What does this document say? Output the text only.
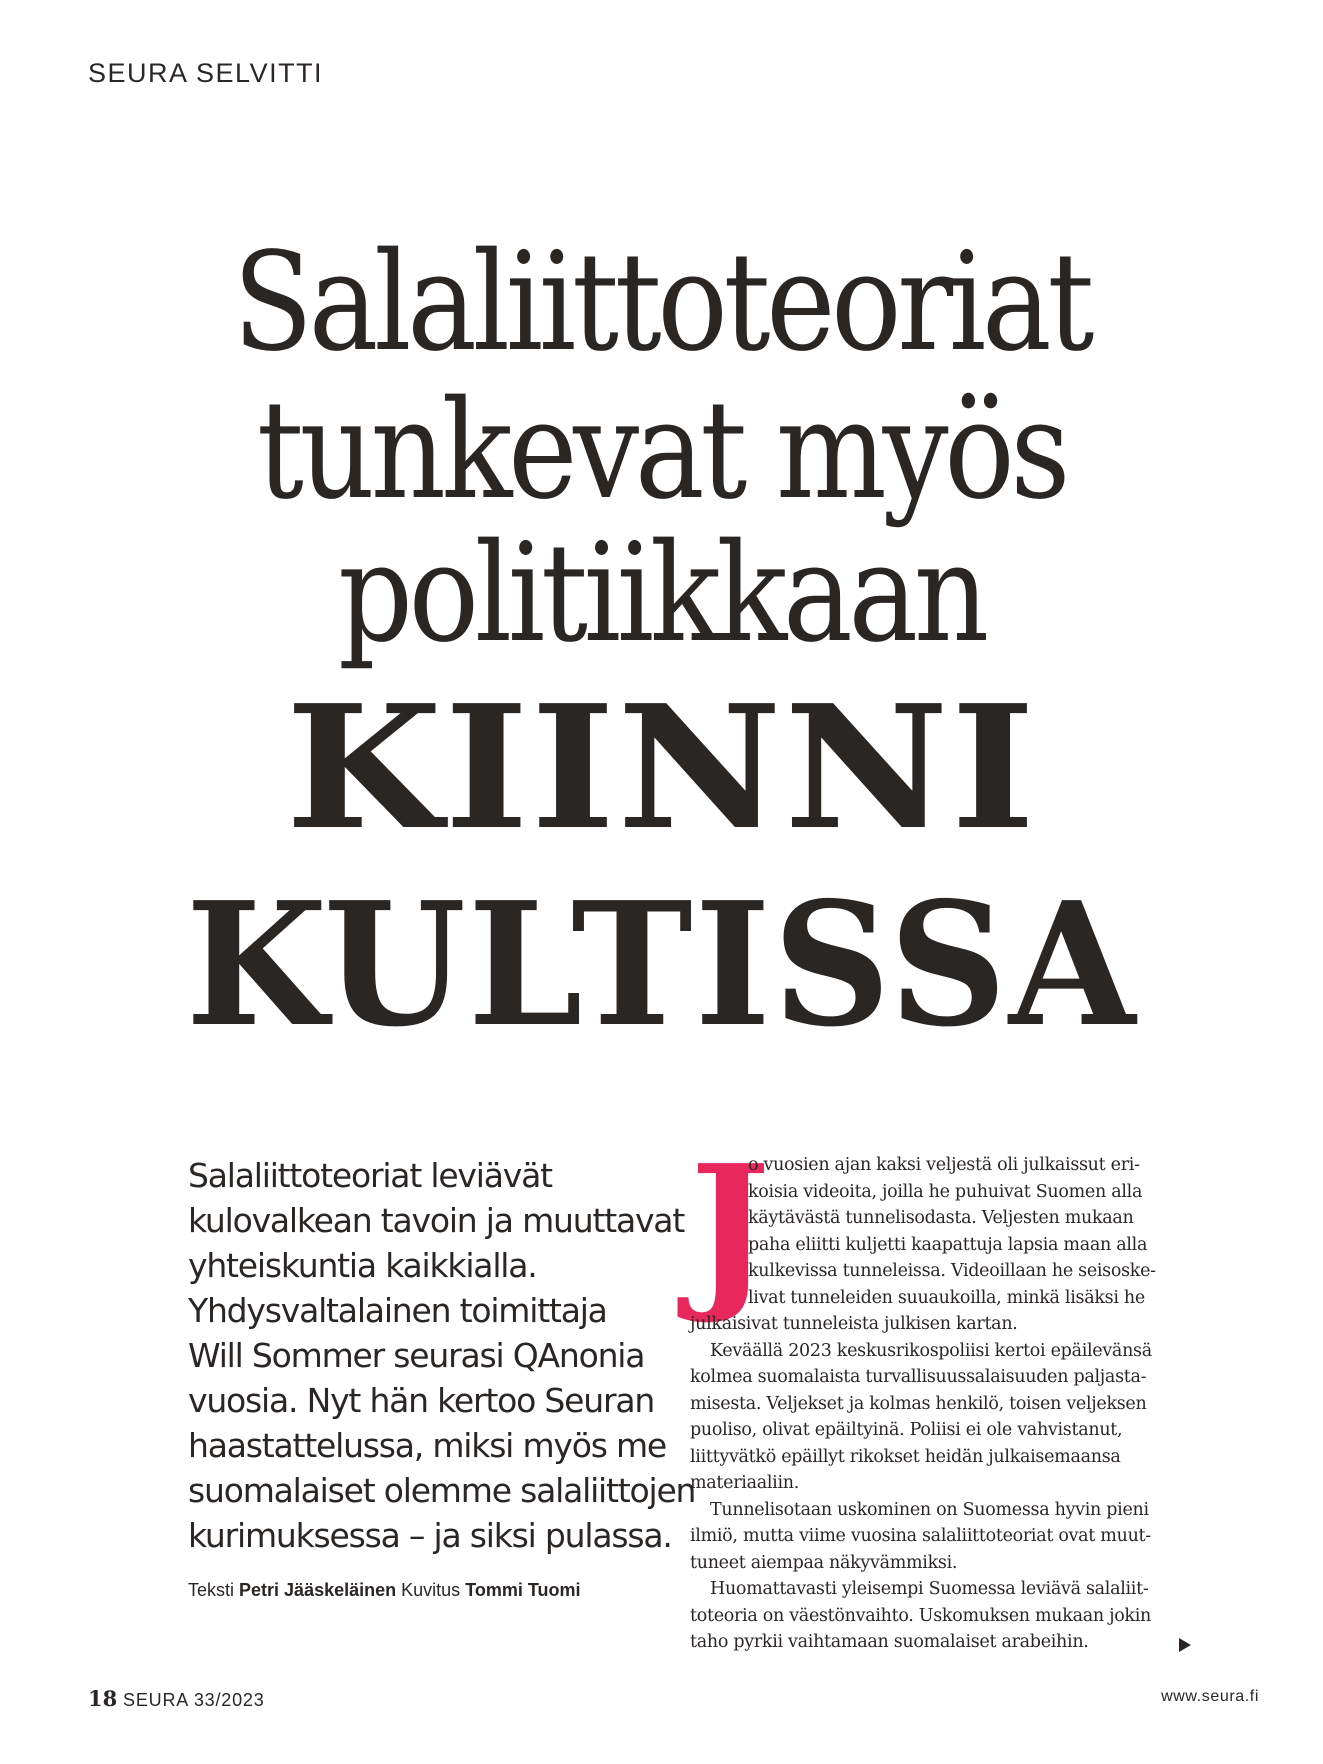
SEURA SELVITTI
Salaliittoteoriat
tunkevat myös
politiikkaan
KIINNI
KULTISSA
Salaliittoteoriat leviävät
kulovalkean tavoin ja muuttavat
yhteiskuntia kaikkialla.
Yhdysvaltalainen toimittaja
Will Sommer seurasi QAnonia
vuosia. Nyt hän kertoo Seuran
haastattelussa, miksi myös me
suomalaiset olemme salaliittojen
kurimuksessa – ja siksi pulassa.
Teksti Petri Jääskeläinen Kuvitus Tommi Tuomi
J
o vuosien ajan kaksi veljestä oli julkaissut eri-
koisia videoita, joilla he puhuivat Suomen alla
käytävästä tunnelisodasta. Veljesten mukaan
paha eliitti kuljetti kaapattuja lapsia maan alla
kulkevissa tunneleissa. Videoillaan he seisoske-
livat tunneleiden suuaukoilla, minkä lisäksi he
julkaisivat tunneleista julkisen kartan.
Keväällä 2023 keskusrikospoliisi kertoi epäilevänsä
kolmea suomalaista turvallisuussalaisuuden paljasta-
misesta. Veljekset ja kolmas henkilö, toisen veljeksen
puoliso, olivat epäiltyinä. Poliisi ei ole vahvistanut,
liittyvätkö epäillyt rikokset heidän julkaisemaansa
materiaaliin.
Tunnelisotaan uskominen on Suomessa hyvin pieni
ilmiö, mutta viime vuosina salaliittoteoriat ovat muut-
tuneet aiempaa näkyvämmiksi.
Huomattavasti yleisempi Suomessa leviävä salaliit-
toteoria on väestönvaihto. Uskomuksen mukaan jokin
taho pyrkii vaihtamaan suomalaiset arabeihin.
18 SEURA 33/2023	www.seura.fi
